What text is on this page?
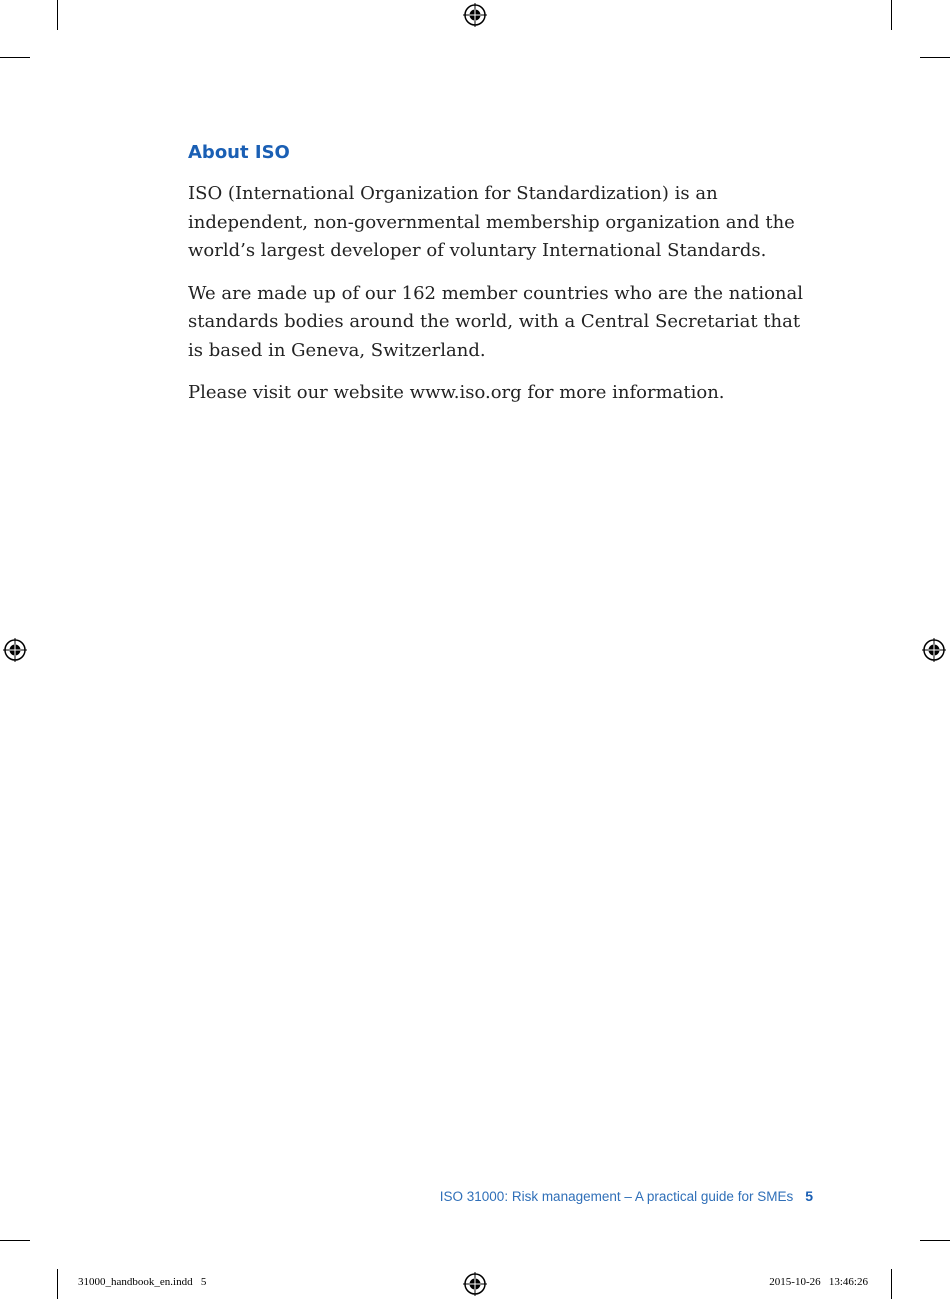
About ISO

ISO (International Organization for Standardization) is an independent, non-governmental membership organization and the world’s largest developer of voluntary International Standards.

We are made up of our 162 member countries who are the national standards bodies around the world, with a Central Secretariat that is based in Geneva, Switzerland.

Please visit our website www.iso.org for more information.

ISO 31000: Risk management – A practical guide for SMEs 5
31000_handbook_en.indd   5	2015-10-26   13:46:26
